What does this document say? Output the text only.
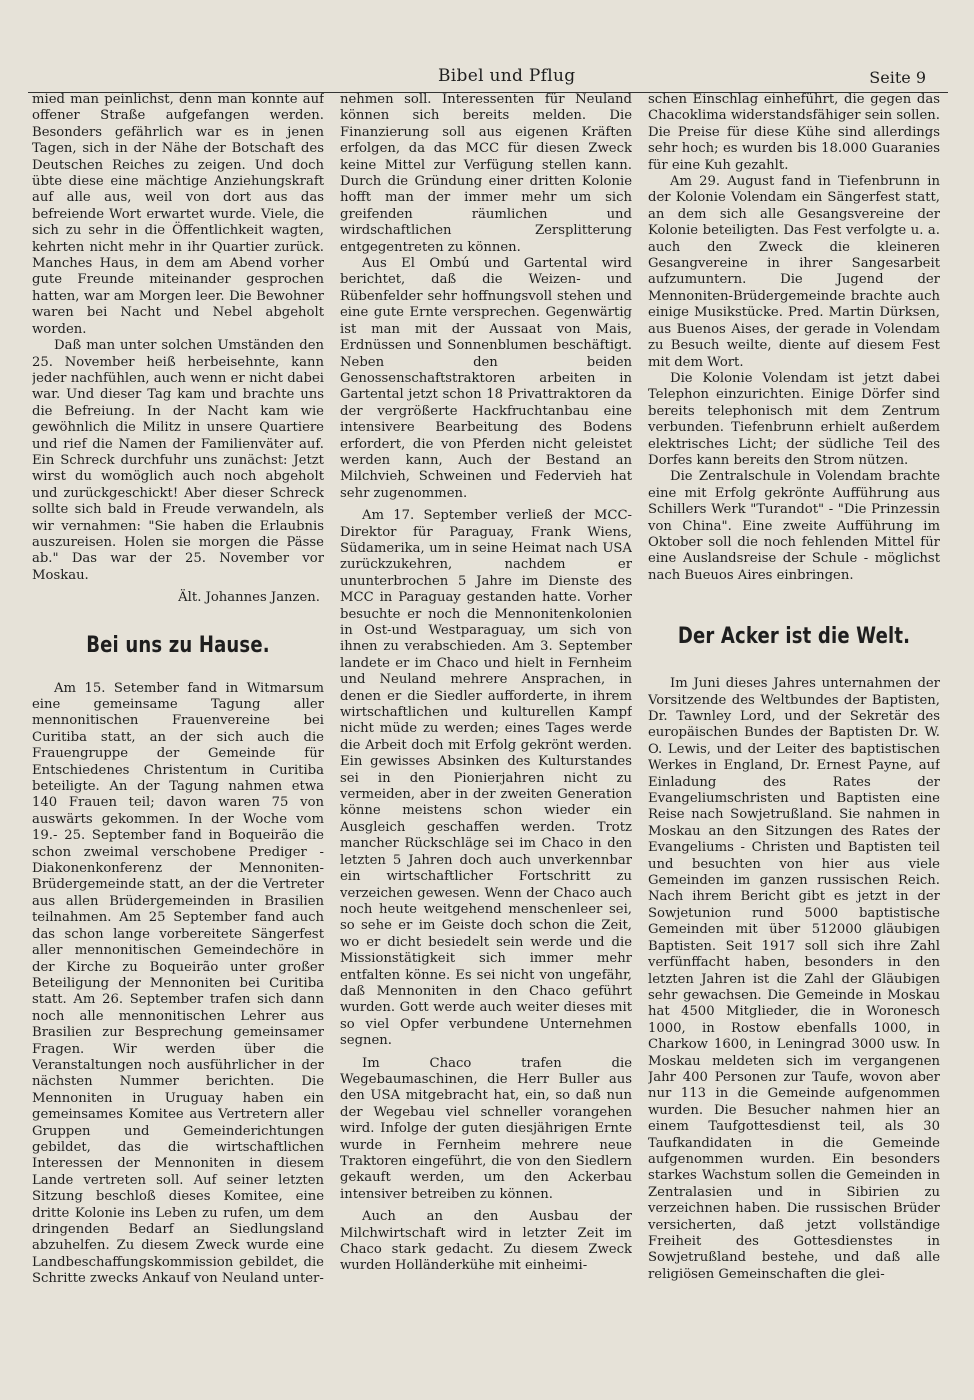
Bibel und Pflug	Seite 9

mied man peinlichst, denn man konnte auf offener Straße aufgefangen werden. Besonders gefährlich war es in jenen Tagen, sich in der Nähe der Botschaft des Deutschen Reiches zu zeigen. Und doch übte diese eine mächtige Anziehungskraft auf alle aus, weil von dort aus das befreiende Wort erwartet wurde. Viele, die sich zu sehr in die Öffentlichkeit wagten, kehrten nicht mehr in ihr Quartier zurück. Manches Haus, in dem am Abend vorher gute Freunde miteinander gesprochen hatten, war am Morgen leer. Die Bewohner waren bei Nacht und Nebel abgeholt worden.

Daß man unter solchen Umständen den 25. November heiß herbeisehnte, kann jeder nachfühlen, auch wenn er nicht dabei war. Und dieser Tag kam und brachte uns die Befreiung. In der Nacht kam wie gewöhnlich die Militz in unsere Quartiere und rief die Namen der Familienväter auf. Ein Schreck durchfuhr uns zunächst: Jetzt wirst du womöglich auch noch abgeholt und zurückgeschickt! Aber dieser Schreck sollte sich bald in Freude verwandeln, als wir vernahmen: "Sie haben die Erlaubnis auszureisen. Holen sie morgen die Pässe ab." Das war der 25. November vor Moskau.

Ält. Johannes Janzen.
Bei uns zu Hause.

Am 15. Setember fand in Witmarsum eine gemeinsame Tagung aller mennonitischen Frauenvereine bei Curitiba statt, an der sich auch die Frauengruppe der Gemeinde für Entschiedenes Christentum in Curitiba beteiligte. An der Tagung nahmen etwa 140 Frauen teil; davon waren 75 von auswärts gekommen. In der Woche vom 19.- 25. September fand in Boqueirão die schon zweimal verschobene Prediger - Diakonenkonferenz der Mennoniten-Brüdergemeinde statt, an der die Vertreter aus allen Brüdergemeinden in Brasilien teilnahmen. Am 25 September fand auch das schon lange vorbereitete Sängerfest aller mennonitischen Gemeindechöre in der Kirche zu Boqueirão unter großer Beteiligung der Mennoniten bei Curitiba statt. Am 26. September trafen sich dann noch alle mennonitischen Lehrer aus Brasilien zur Besprechung gemeinsamer Fragen. Wir werden über die Veranstaltungen noch ausführlicher in der nächsten Nummer berichten. Die Mennoniten in Uruguay haben ein gemeinsames Komitee aus Vertretern aller Gruppen und Gemeinderichtungen gebildet, das die wirtschaftlichen Interessen der Mennoniten in diesem Lande vertreten soll. Auf seiner letzten Sitzung beschloß dieses Komitee, eine dritte Kolonie ins Leben zu rufen, um dem dringenden Bedarf an Siedlungsland abzuhelfen. Zu diesem Zweck wurde eine Landbeschaffungskommission gebildet, die Schritte zwecks Ankauf von Neuland unter-

nehmen soll. Interessenten für Neuland können sich bereits melden. Die Finanzierung soll aus eigenen Kräften erfolgen, da das MCC für diesen Zweck keine Mittel zur Verfügung stellen kann. Durch die Gründung einer dritten Kolonie hofft man der immer mehr um sich greifenden räumlichen und wirdschaftlichen Zersplitterung entgegentreten zu können.

Aus El Ombú und Gartental wird berichtet, daß die Weizen- und Rübenfelder sehr hoffnungsvoll stehen und eine gute Ernte versprechen. Gegenwärtig ist man mit der Aussaat von Mais, Erdnüssen und Sonnenblumen beschäftigt. Neben den beiden Genossenschaftstraktoren arbeiten in Gartental jetzt schon 18 Privattraktoren da der vergrößerte Hackfruchtanbau eine intensivere Bearbeitung des Bodens erfordert, die von Pferden nicht geleistet werden kann, Auch der Bestand an Milchvieh, Schweinen und Federvieh hat sehr zugenommen.

Am 17. September verließ der MCC-Direktor für Paraguay, Frank Wiens, Südamerika, um in seine Heimat nach USA zurückzukehren, nachdem er ununterbrochen 5 Jahre im Dienste des MCC in Paraguay gestanden hatte. Vorher besuchte er noch die Mennonitenkolonien in Ost-und Westparaguay, um sich von ihnen zu verabschieden. Am 3. September landete er im Chaco und hielt in Fernheim und Neuland mehrere Ansprachen, in denen er die Siedler aufforderte, in ihrem wirtschaftlichen und kulturellen Kampf nicht müde zu werden; eines Tages werde die Arbeit doch mit Erfolg gekrönt werden. Ein gewisses Absinken des Kulturstandes sei in den Pionierjahren nicht zu vermeiden, aber in der zweiten Generation könne meistens schon wieder ein Ausgleich geschaffen werden. Trotz mancher Rückschläge sei im Chaco in den letzten 5 Jahren doch auch unverkennbar ein wirtschaftlicher Fortschritt zu verzeichen gewesen. Wenn der Chaco auch noch heute weitgehend menschenleer sei, so sehe er im Geiste doch schon die Zeit, wo er dicht besiedelt sein werde und die Missionstätigkeit sich immer mehr entfalten könne. Es sei nicht von ungefähr, daß Mennoniten in den Chaco geführt wurden. Gott werde auch weiter dieses mit so viel Opfer verbundene Unternehmen segnen.

Im Chaco trafen die Wegebaumaschinen, die Herr Buller aus den USA mitgebracht hat, ein, so daß nun der Wegebau viel schneller vorangehen wird. Infolge der guten diesjährigen Ernte wurde in Fernheim mehrere neue Traktoren eingeführt, die von den Siedlern gekauft werden, um den Ackerbau intensiver betreiben zu können.

Auch an den Ausbau der Milchwirtschaft wird in letzter Zeit im Chaco stark gedacht. Zu diesem Zweck wurden Holländerkühe mit einheimi-

schen Einschlag einheführt, die gegen das Chacoklima widerstandsfähiger sein sollen. Die Preise für diese Kühe sind allerdings sehr hoch; es wurden bis 18.000 Guaranies für eine Kuh gezahlt.

Am 29. August fand in Tiefenbrunn in der Kolonie Volendam ein Sängerfest statt, an dem sich alle Gesangsvereine der Kolonie beteiligten. Das Fest verfolgte u. a. auch den Zweck die kleineren Gesangvereine in ihrer Sangesarbeit aufzumuntern. Die Jugend der Mennoniten-Brüdergemeinde brachte auch einige Musikstücke. Pred. Martin Dürksen, aus Buenos Aises, der gerade in Volendam zu Besuch weilte, diente auf diesem Fest mit dem Wort.

Die Kolonie Volendam ist jetzt dabei Telephon einzurichten. Einige Dörfer sind bereits telephonisch mit dem Zentrum verbunden. Tiefenbrunn erhielt außerdem elektrisches Licht; der südliche Teil des Dorfes kann bereits den Strom nützen.

Die Zentralschule in Volendam brachte eine mit Erfolg gekrönte Aufführung aus Schillers Werk "Turandot" - "Die Prinzessin von China". Eine zweite Aufführung im Oktober soll die noch fehlenden Mittel für eine Auslandsreise der Schule - möglichst nach Bueuos Aires einbringen.

Der Acker ist die Welt.

Im Juni dieses Jahres unternahmen der Vorsitzende des Weltbundes der Baptisten, Dr. Tawnley Lord, und der Sekretär des europäischen Bundes der Baptisten Dr. W. O. Lewis, und der Leiter des baptistischen Werkes in England, Dr. Ernest Payne, auf Einladung des Rates der Evangeliumschristen und Baptisten eine Reise nach Sowjetrußland. Sie nahmen in Moskau an den Sitzungen des Rates der Evangeliums - Christen und Baptisten teil und besuchten von hier aus viele Gemeinden im ganzen russischen Reich. Nach ihrem Bericht gibt es jetzt in der Sowjetunion rund 5000 baptistische Gemeinden mit über 512000 gläubigen Baptisten. Seit 1917 soll sich ihre Zahl verfünffacht haben, besonders in den letzten Jahren ist die Zahl der Gläubigen sehr gewachsen. Die Gemeinde in Moskau hat 4500 Mitglieder, die in Woronesch 1000, in Rostow ebenfalls 1000, in Charkow 1600, in Leningrad 3000 usw. In Moskau meldeten sich im vergangenen Jahr 400 Personen zur Taufe, wovon aber nur 113 in die Gemeinde aufgenommen wurden. Die Besucher nahmen hier an einem Taufgottesdienst teil, als 30 Taufkandidaten in die Gemeinde aufgenommen wurden. Ein besonders starkes Wachstum sollen die Gemeinden in Zentralasien und in Sibirien zu verzeichnen haben. Die russischen Brüder versicherten, daß jetzt vollständige Freiheit des Gottesdienstes in Sowjetrußland bestehe, und daß alle religiösen Gemeinschaften die glei-
